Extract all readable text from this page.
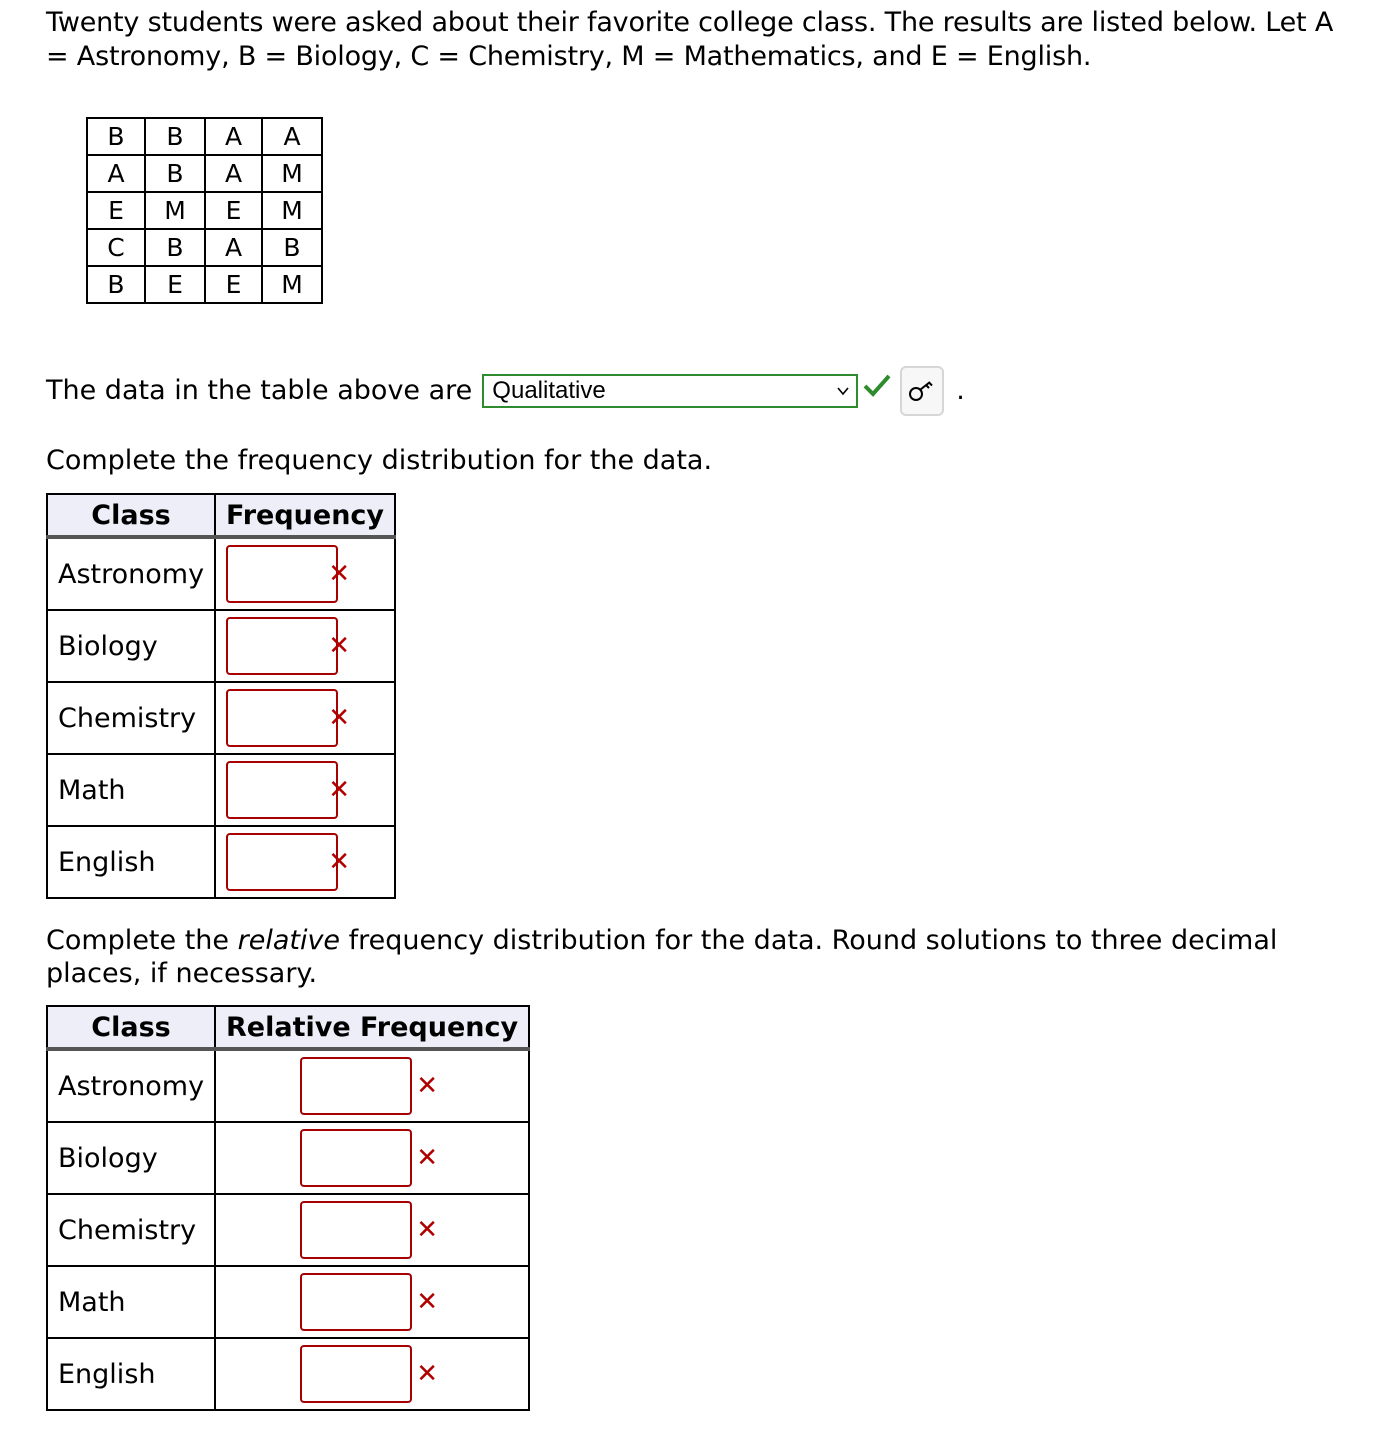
Twenty students were asked about their favorite college class. The results are listed below. Let A = Astronomy, B = Biology, C = Chemistry, M = Mathematics, and E = English.
B	B	A	A
A	B	A	M
E	M	E	M
C	B	A	B
B	E	E	M
The data in the table above are Qualitative	.
Complete the frequency distribution for the data.
Class	Frequency
Astronomy	✕

Biology	✕

Chemistry	✕

Math	✕

English	✕
Complete the relative frequency distribution for the data. Round solutions to three decimal places, if necessary.
Class	Relative Frequency
Astronomy	✕

Biology	✕

Chemistry	✕

Math	✕

English	✕
